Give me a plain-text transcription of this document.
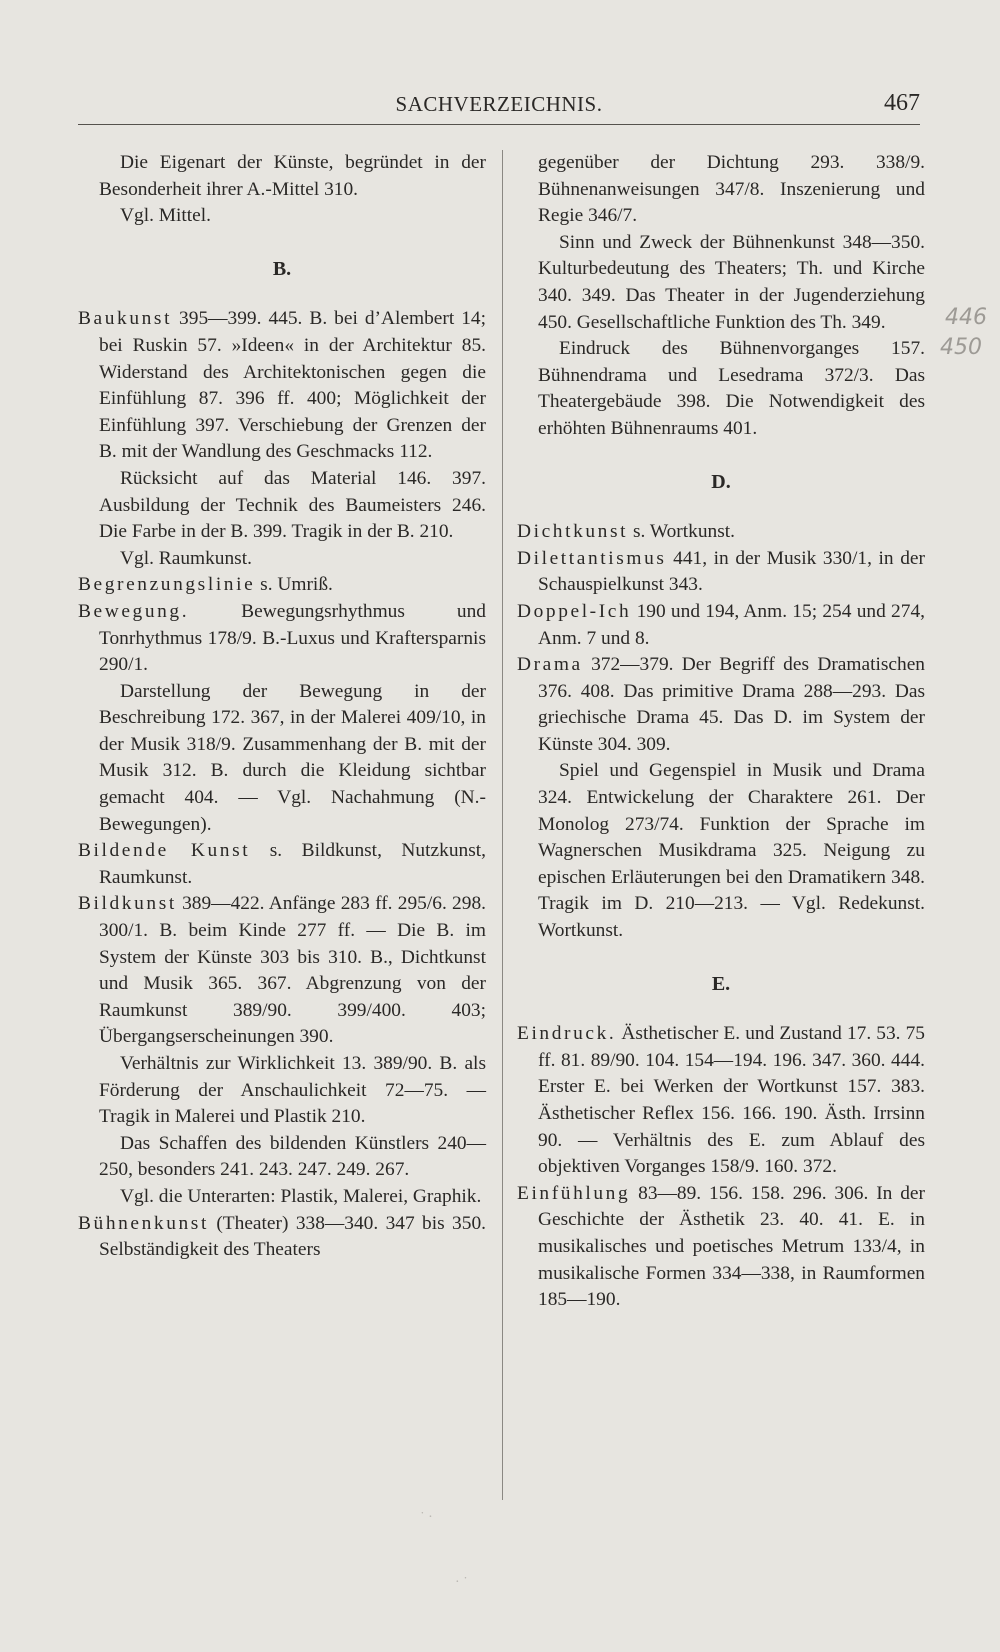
SACHVERZEICHNIS.	467

Die Eigenart der Künste, begründet in der Besonderheit ihrer A.-Mittel 310.

Vgl. Mittel.

B.

Baukunst 395—399. 445. B. bei d’Alembert 14; bei Ruskin 57. »Ideen« in der Architektur 85. Widerstand des Architektonischen gegen die Einfühlung 87. 396 ff. 400; Möglichkeit der Einfühlung 397. Verschiebung der Grenzen der B. mit der Wandlung des Geschmacks 112.

Rücksicht auf das Material 146. 397. Ausbildung der Technik des Baumeisters 246. Die Farbe in der B. 399. Tragik in der B. 210.

Vgl. Raumkunst.

Begrenzungslinie s. Umriß.

Bewegung. Bewegungsrhythmus und Tonrhythmus 178/9. B.-Luxus und Kraftersparnis 290/1.

Darstellung der Bewegung in der Beschreibung 172. 367, in der Malerei 409/10, in der Musik 318/9. Zusammenhang der B. mit der Musik 312. B. durch die Kleidung sichtbar gemacht 404. — Vgl. Nachahmung (N.-Bewegungen).

Bildende Kunst s. Bildkunst, Nutzkunst, Raumkunst.

Bildkunst 389—422. Anfänge 283 ff. 295/6. 298. 300/1. B. beim Kinde 277 ff. — Die B. im System der Künste 303 bis 310. B., Dichtkunst und Musik 365. 367. Abgrenzung von der Raumkunst 389/90. 399/400. 403; Übergangserscheinungen 390.

Verhältnis zur Wirklichkeit 13. 389/90. B. als Förderung der Anschaulichkeit 72—75. — Tragik in Malerei und Plastik 210.

Das Schaffen des bildenden Künstlers 240—250, besonders 241. 243. 247. 249. 267.

Vgl. die Unterarten: Plastik, Malerei, Graphik.

Bühnenkunst (Theater) 338—340. 347 bis 350. Selbständigkeit des Theaters

gegenüber der Dichtung 293. 338/9. Bühnenanweisungen 347/8. Inszenierung und Regie 346/7.

Sinn und Zweck der Bühnenkunst 348—350. Kulturbedeutung des Theaters; Th. und Kirche 340. 349. Das Theater in der Jugenderziehung 450. Gesellschaftliche Funktion des Th. 349.

Eindruck des Bühnenvorganges 157. Bühnendrama und Lesedrama 372/3. Das Theatergebäude 398. Die Notwendigkeit des erhöhten Bühnenraums 401.

D.

Dichtkunst s. Wortkunst.

Dilettantismus 441, in der Musik 330/1, in der Schauspielkunst 343.

Doppel-Ich 190 und 194, Anm. 15; 254 und 274, Anm. 7 und 8.

Drama 372—379. Der Begriff des Dramatischen 376. 408. Das primitive Drama 288—293. Das griechische Drama 45. Das D. im System der Künste 304. 309.

Spiel und Gegenspiel in Musik und Drama 324. Entwickelung der Charaktere 261. Der Monolog 273/74. Funktion der Sprache im Wagnerschen Musikdrama 325. Neigung zu epischen Erläuterungen bei den Dramatikern 348. Tragik im D. 210—213. — Vgl. Redekunst. Wortkunst.

E.

Eindruck. Ästhetischer E. und Zustand 17. 53. 75 ff. 81. 89/90. 104. 154—194. 196. 347. 360. 444. Erster E. bei Werken der Wortkunst 157. 383. Ästhetischer Reflex 156. 166. 190. Ästh. Irrsinn 90. — Verhältnis des E. zum Ablauf des objektiven Vorganges 158/9. 160. 372.

Einfühlung 83—89. 156. 158. 296. 306. In der Geschichte der Ästhetik 23. 40. 41. E. in musikalisches und poetisches Metrum 133/4, in musikalische Formen 334—338, in Raumformen 185—190.

446
450
˙ ·
· ˙
